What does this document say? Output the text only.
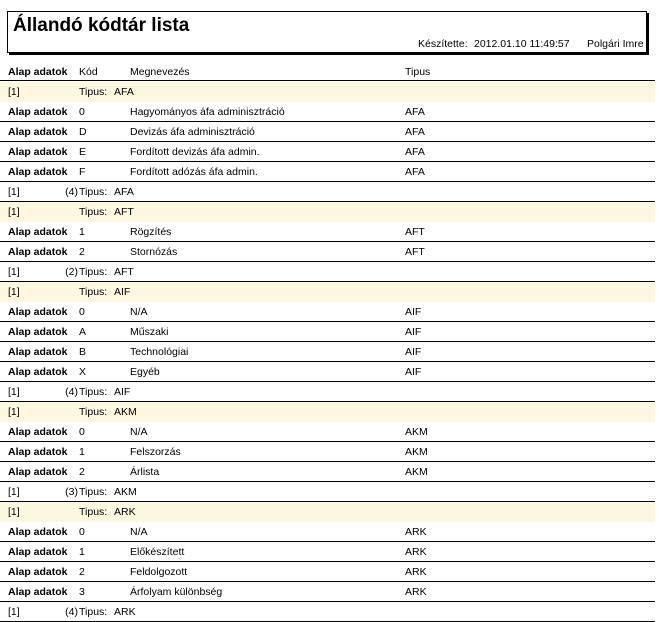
Állandó kódtár lista
Készítette: 2012.01.10 11:49:57 Polgári Imre
Alap adatok Kód	Megnevezés	Tipus
[1]	Tipus: AFA
Alap adatok 0	Hagyományos áfa adminisztráció	AFA
Alap adatok D	Devizás áfa adminisztráció	AFA
Alap adatok E	Fordított devizás áfa admin.	AFA
Alap adatok F	Fordított adózás áfa admin.	AFA
[1]	(4) Tipus: AFA
[1]	Tipus: AFT
Alap adatok 1	Rögzítés	AFT
Alap adatok 2	Stornózás	AFT
[1]	(2) Tipus: AFT
[1]	Tipus: AIF
Alap adatok 0	N/A	AIF
Alap adatok A	Műszaki	AIF
Alap adatok B	Technológiai	AIF
Alap adatok X	Egyéb	AIF
[1]	(4) Tipus: AIF
[1]	Tipus: AKM
Alap adatok 0	N/A	AKM
Alap adatok 1	Felszorzás	AKM
Alap adatok 2	Árlista	AKM
[1]	(3) Tipus: AKM
[1]	Tipus: ARK
Alap adatok 0	N/A	ARK
Alap adatok 1	Előkészített	ARK
Alap adatok 2	Feldolgozott	ARK
Alap adatok 3	Árfolyam különbség	ARK
[1]	(4) Tipus: ARK
